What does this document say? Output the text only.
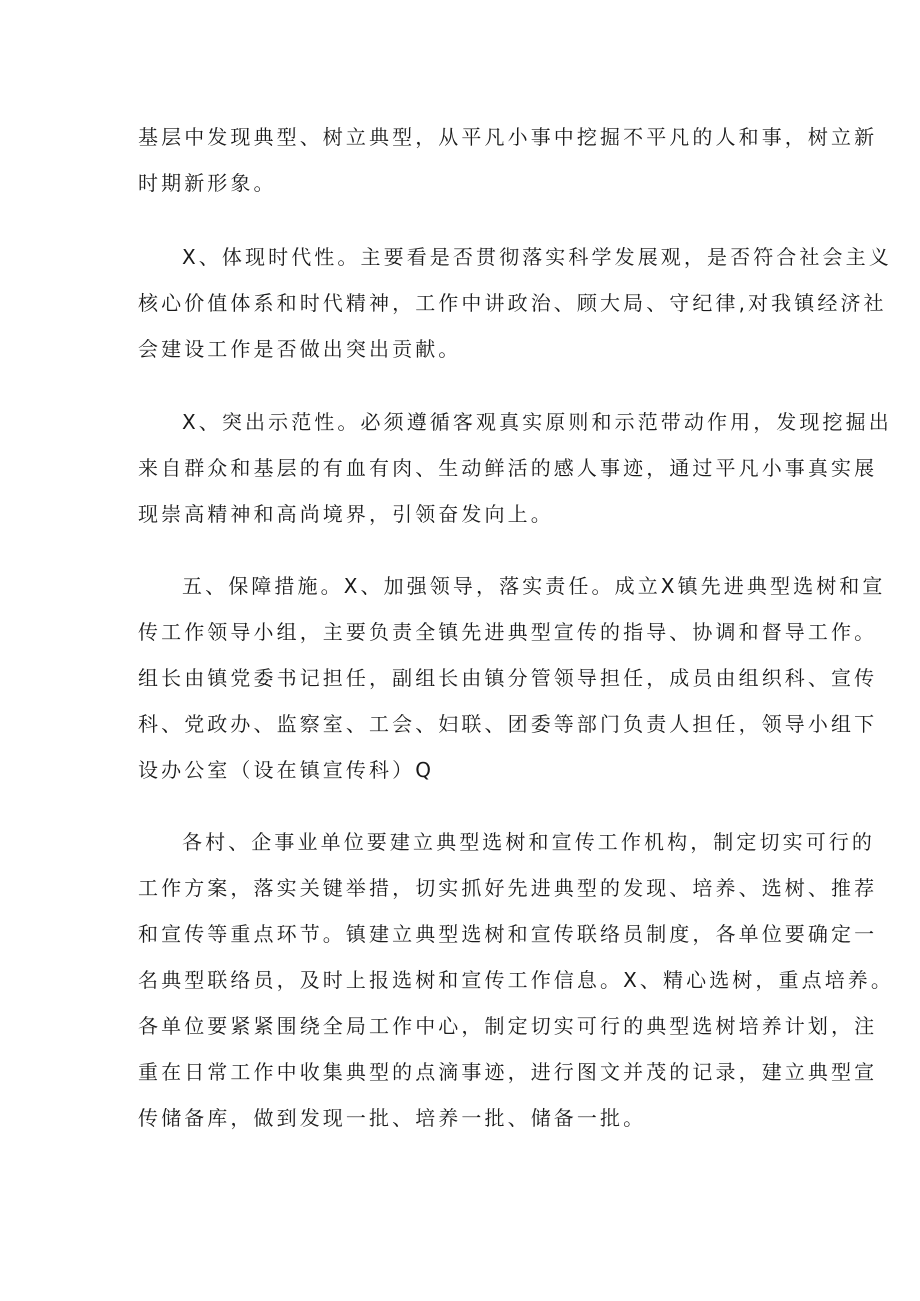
基层中发现典型、树立典型，从平凡小事中挖掘不平凡的人和事，树立新
时期新形象。
X、体现时代性。主要看是否贯彻落实科学发展观，是否符合社会主义
核心价值体系和时代精神，工作中讲政治、顾大局、守纪律,对我镇经济社
会建设工作是否做出突出贡献。
X、突出示范性。必须遵循客观真实原则和示范带动作用，发现挖掘出
来自群众和基层的有血有肉、生动鲜活的感人事迹，通过平凡小事真实展
现崇高精神和高尚境界，引领奋发向上。
五、保障措施。X、加强领导，落实责任。成立X镇先进典型选树和宣
传工作领导小组，主要负责全镇先进典型宣传的指导、协调和督导工作。
组长由镇党委书记担任，副组长由镇分管领导担任，成员由组织科、宣传
科、党政办、监察室、工会、妇联、团委等部门负责人担任，领导小组下
设办公室（设在镇宣传科）Q
各村、企事业单位要建立典型选树和宣传工作机构，制定切实可行的
工作方案，落实关键举措，切实抓好先进典型的发现、培养、选树、推荐
和宣传等重点环节。镇建立典型选树和宣传联络员制度，各单位要确定一
名典型联络员，及时上报选树和宣传工作信息。X、精心选树，重点培养。
各单位要紧紧围绕全局工作中心，制定切实可行的典型选树培养计划，注
重在日常工作中收集典型的点滴事迹，进行图文并茂的记录，建立典型宣
传储备库，做到发现一批、培养一批、储备一批。
